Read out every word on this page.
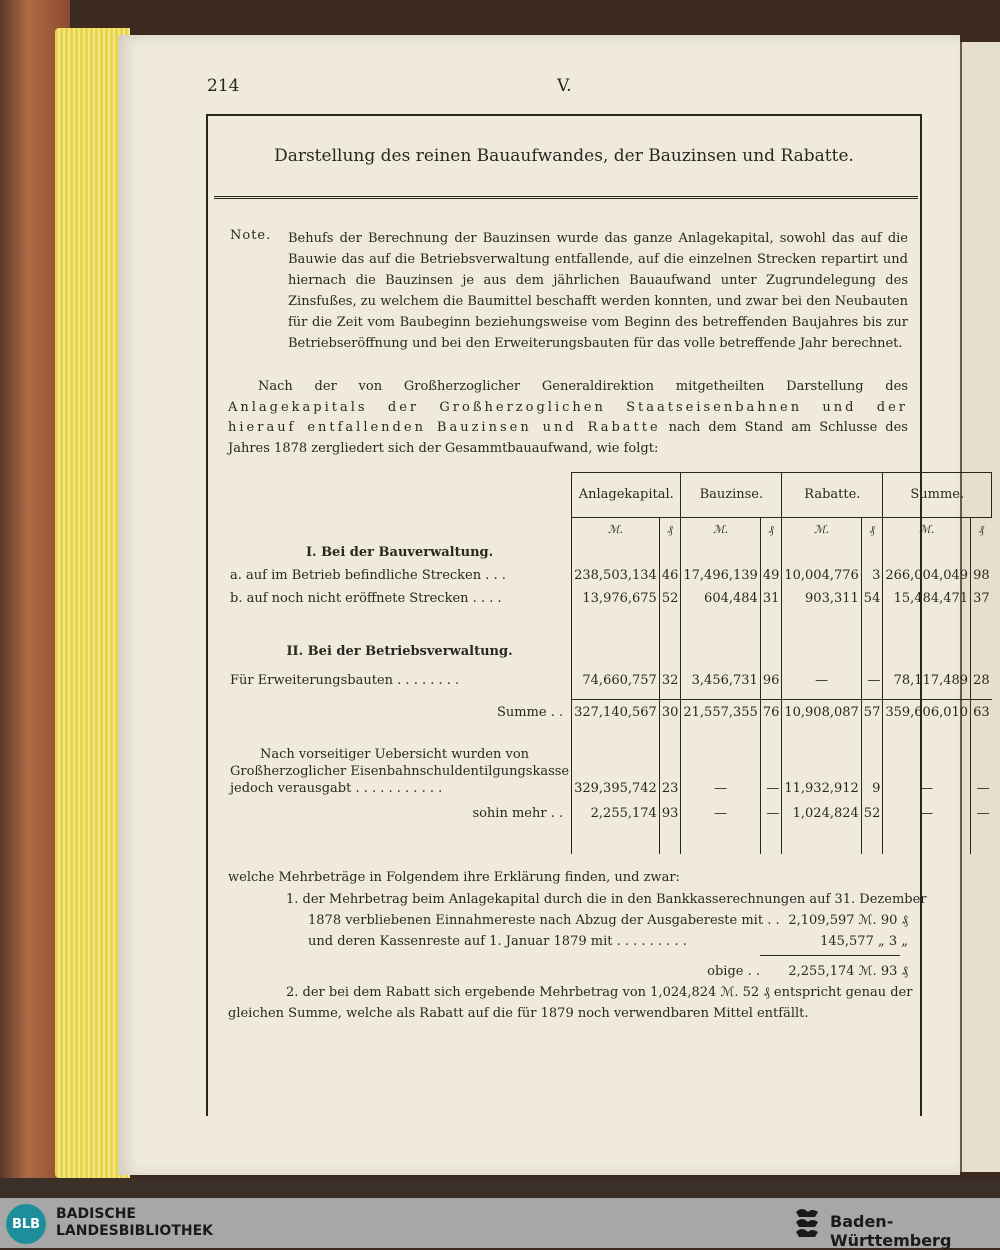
214	V.
Darstellung des reinen Bauaufwandes, der Bauzinsen und Rabatte.
Note. Behufs der Berechnung der Bauzinsen wurde das ganze Anlagekapital, sowohl das auf die Bauwie das auf die Betriebsverwaltung entfallende, auf die einzelnen Strecken repartirt und hiernach die Bauzinsen je aus dem jährlichen Bauaufwand unter Zugrundelegung des Zinsfußes, zu welchem die Baumittel beschafft werden konnten, und zwar bei den Neubauten für die Zeit vom Baubeginn beziehungsweise vom Beginn des betreffenden Baujahres bis zur Betriebseröffnung und bei den Erweiterungsbauten für das volle betreffende Jahr berechnet.
Nach der von Großherzoglicher Generaldirektion mitgetheilten Darstellung des Anlagekapitals der Großherzoglichen Staatseisenbahnen und der hierauf entfallenden Bauzinsen und Rabatte nach dem Stand am Schlusse des Jahres 1878 zergliedert sich der Gesammtbauaufwand, wie folgt:
	Anlagekapital.		Bauzinse.		Rabatte.		Summe.	
	ℳ.	₰	ℳ.	₰	ℳ.	₰	ℳ.	₰
I. Bei der Bauverwaltung.								
a. auf im Betrieb befindliche Strecken . . .	238,503,134	46	17,496,139	49	10,004,776	3	266,004,049	98
b. auf noch nicht eröffnete Strecken . . . .	13,976,675	52	604,484	31	903,311	54	15,484,471	37

II. Bei der Betriebsverwaltung.								
Für Erweiterungsbauten . . . . . . . .	74,660,757	32	3,456,731	96	—	—	78,117,489	28
Summe . .	327,140,567	30	21,557,355	76	10,908,087	57	359,606,010	63

Nach vorseitiger Uebersicht wurden von
Großherzoglicher Eisenbahnschuldentilgungskasse
jedoch verausgabt . . . . . . . . . . .	329,395,742	23	—	—	11,932,912	9	—	—
sohin mehr . .	2,255,174	93	—	—	1,024,824	52	—	—

welche Mehrbeträge in Folgendem ihre Erklärung finden, und zwar:
1. der Mehrbetrag beim Anlagekapital durch die in den Bankkasserechnungen auf 31. Dezember
1878 verbliebenen Einnahmereste nach Abzug der Ausgabereste mit . . 2,109,597 ℳ. 90 ₰
und deren Kassenreste auf 1. Januar 1879 mit . . . . . . . . .	145,577 „ 3 „
obige . . 2,255,174 ℳ. 93 ₰
2. der bei dem Rabatt sich ergebende Mehrbetrag von 1,024,824 ℳ. 52 ₰ entspricht genau der
gleichen Summe, welche als Rabatt auf die für 1879 noch verwendbaren Mittel entfällt.
BLB
BADISCHE
LANDESBIBLIOTHEK	Baden-Württemberg
